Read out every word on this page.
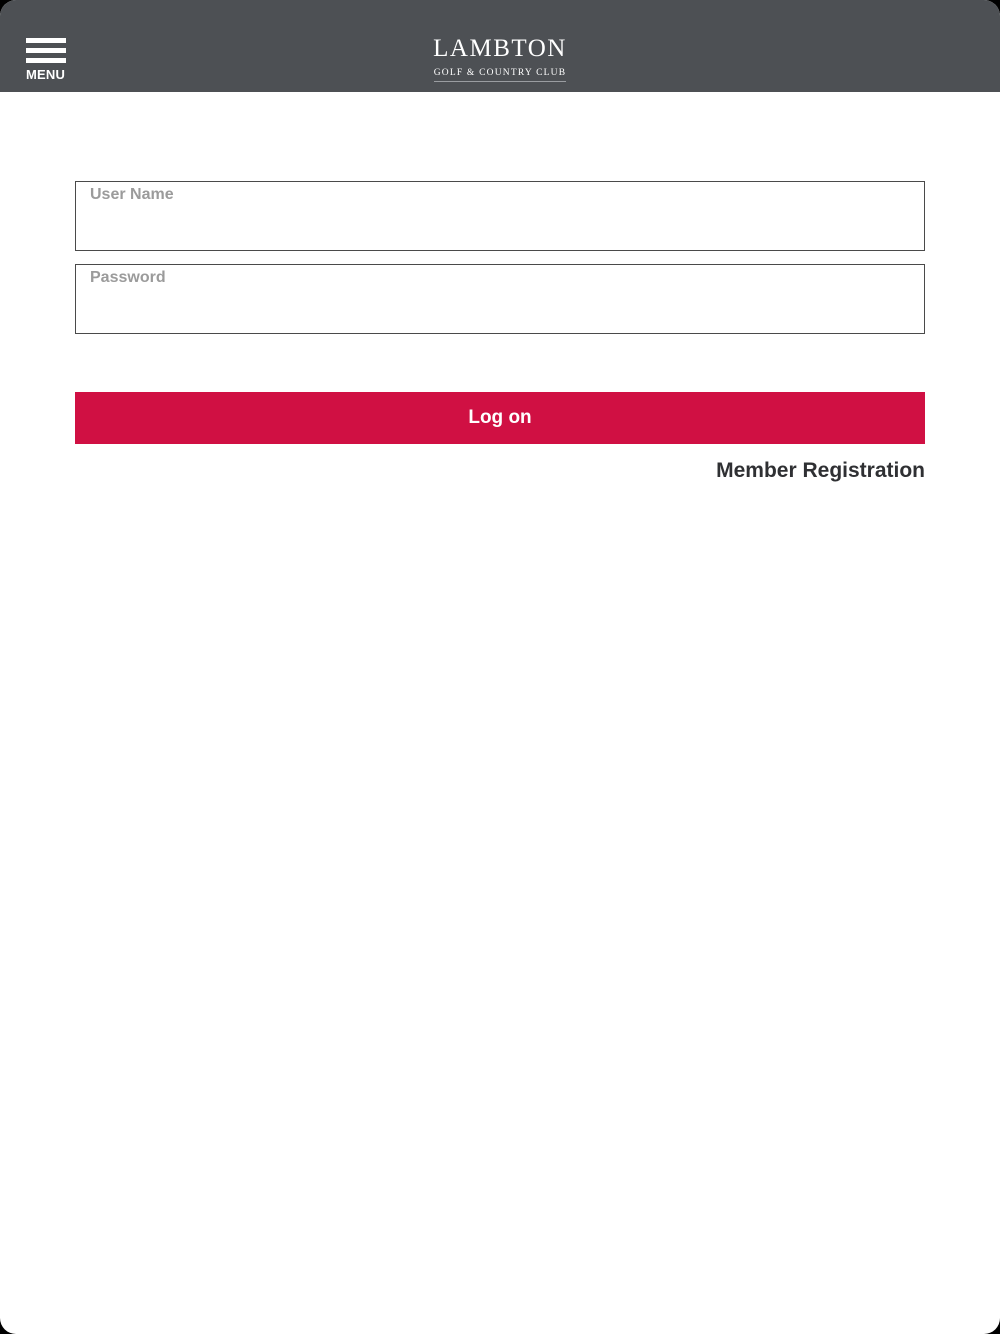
MENU
LAMBTON
GOLF & COUNTRY CLUB
User Name
Log on
Member Registration
